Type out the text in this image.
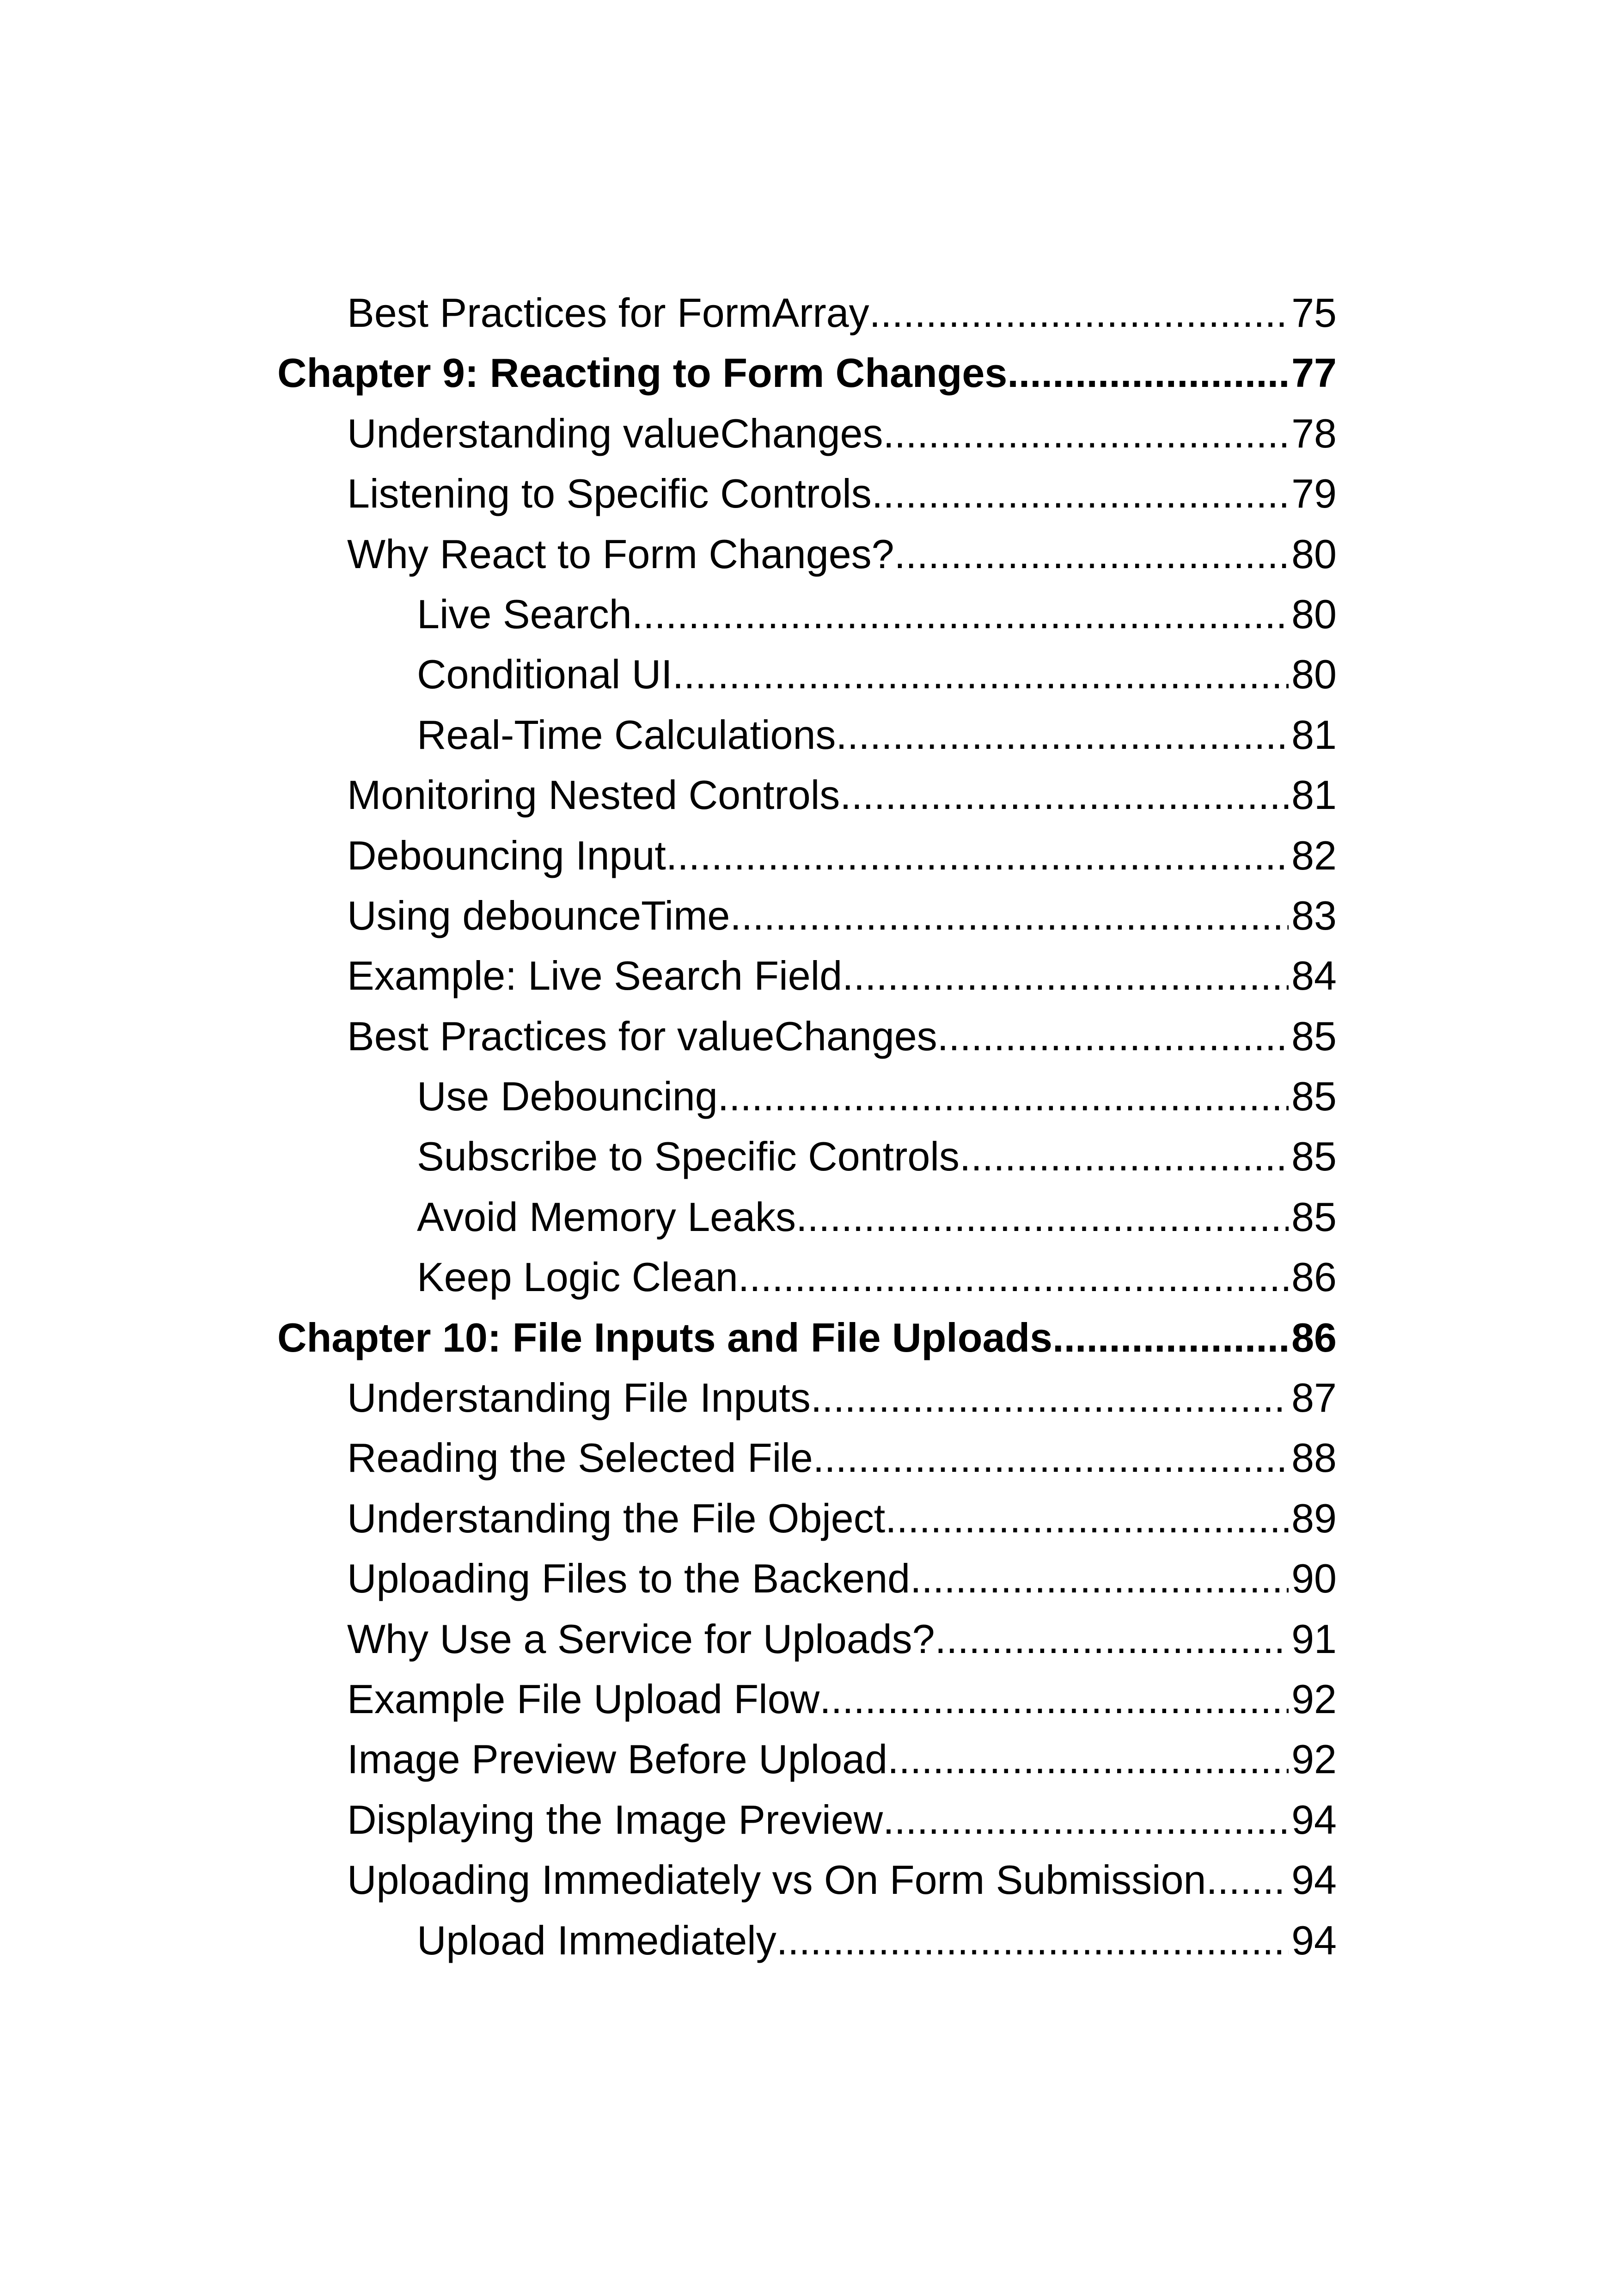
Best Practices for FormArray .....	75
Chapter 9: Reacting to Form Changes .....	77
Understanding valueChanges .....	78
Listening to Specific Controls .....	79
Why React to Form Changes? .....	80
Live Search .....	80
Conditional UI .....	80
Real-Time Calculations .....	81
Monitoring Nested Controls .....	81
Debouncing Input .....	82
Using debounceTime .....	83
Example: Live Search Field .....	84
Best Practices for valueChanges .....	85
Use Debouncing .....	85
Subscribe to Specific Controls .....	85
Avoid Memory Leaks .....	85
Keep Logic Clean .....	86
Chapter 10: File Inputs and File Uploads .....	86
Understanding File Inputs .....	87
Reading the Selected File .....	88
Understanding the File Object .....	89
Uploading Files to the Backend .....	90
Why Use a Service for Uploads? .....	91
Example File Upload Flow .....	92
Image Preview Before Upload .....	92
Displaying the Image Preview .....	94
Uploading Immediately vs On Form Submission ..... 94
Upload Immediately .....	94
